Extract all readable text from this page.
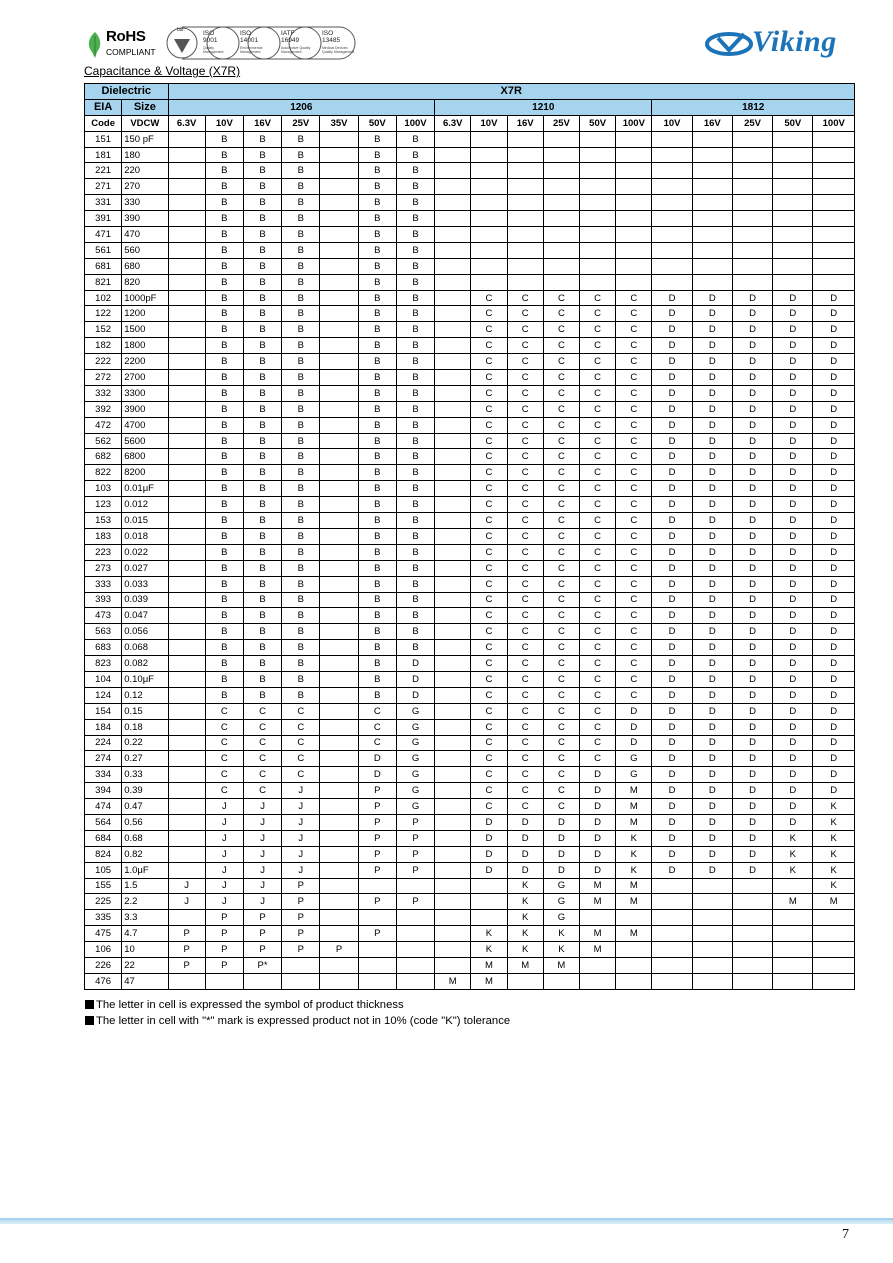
RoHS
COMPLIANT
bsi.	ISO
9001
Quality Management
ISO
14001
Environmental Management
IATF
16949
Automotive Quality Management
ISO
13485
Medical Devices Quality Management	Viking
Capacitance & Voltage (X7R)
Dielectric		X7R																	
EIA	Size	1206							1210						1812				
Code	VDCW	6.3V	10V	16V	25V	35V	50V	100V	6.3V	10V	16V	25V	50V	100V	10V	16V	25V	50V	100V
151	150 pF		B	B	B		B	B											
181	180		B	B	B		B	B											
221	220		B	B	B		B	B											
271	270		B	B	B		B	B											
331	330		B	B	B		B	B											
391	390		B	B	B		B	B											
471	470		B	B	B		B	B											
561	560		B	B	B		B	B											
681	680		B	B	B		B	B											
821	820		B	B	B		B	B											
102	1000pF		B	B	B		B	B		C	C	C	C	C	D	D	D	D	D
122	1200		B	B	B		B	B		C	C	C	C	C	D	D	D	D	D
152	1500		B	B	B		B	B		C	C	C	C	C	D	D	D	D	D
182	1800		B	B	B		B	B		C	C	C	C	C	D	D	D	D	D
222	2200		B	B	B		B	B		C	C	C	C	C	D	D	D	D	D
272	2700		B	B	B		B	B		C	C	C	C	C	D	D	D	D	D
332	3300		B	B	B		B	B		C	C	C	C	C	D	D	D	D	D
392	3900		B	B	B		B	B		C	C	C	C	C	D	D	D	D	D
472	4700		B	B	B		B	B		C	C	C	C	C	D	D	D	D	D
562	5600		B	B	B		B	B		C	C	C	C	C	D	D	D	D	D
682	6800		B	B	B		B	B		C	C	C	C	C	D	D	D	D	D
822	8200		B	B	B		B	B		C	C	C	C	C	D	D	D	D	D
103	0.01μF		B	B	B		B	B		C	C	C	C	C	D	D	D	D	D
123	0.012		B	B	B		B	B		C	C	C	C	C	D	D	D	D	D
153	0.015		B	B	B		B	B		C	C	C	C	C	D	D	D	D	D
183	0.018		B	B	B		B	B		C	C	C	C	C	D	D	D	D	D
223	0.022		B	B	B		B	B		C	C	C	C	C	D	D	D	D	D
273	0.027		B	B	B		B	B		C	C	C	C	C	D	D	D	D	D
333	0.033		B	B	B		B	B		C	C	C	C	C	D	D	D	D	D
393	0.039		B	B	B		B	B		C	C	C	C	C	D	D	D	D	D
473	0.047		B	B	B		B	B		C	C	C	C	C	D	D	D	D	D
563	0.056		B	B	B		B	B		C	C	C	C	C	D	D	D	D	D
683	0.068		B	B	B		B	B		C	C	C	C	C	D	D	D	D	D
823	0.082		B	B	B		B	D		C	C	C	C	C	D	D	D	D	D
104	0.10μF		B	B	B		B	D		C	C	C	C	C	D	D	D	D	D
124	0.12		B	B	B		B	D		C	C	C	C	C	D	D	D	D	D
154	0.15		C	C	C		C	G		C	C	C	C	D	D	D	D	D	D
184	0.18		C	C	C		C	G		C	C	C	C	D	D	D	D	D	D
224	0.22		C	C	C		C	G		C	C	C	C	D	D	D	D	D	D
274	0.27		C	C	C		D	G		C	C	C	C	G	D	D	D	D	D
334	0.33		C	C	C		D	G		C	C	C	D	G	D	D	D	D	D
394	0.39		C	C	J		P	G		C	C	C	D	M	D	D	D	D	D
474	0.47		J	J	J		P	G		C	C	C	D	M	D	D	D	D	K
564	0.56		J	J	J		P	P		D	D	D	D	M	D	D	D	D	K
684	0.68		J	J	J		P	P		D	D	D	D	K	D	D	D	K	K
824	0.82		J	J	J		P	P		D	D	D	D	K	D	D	D	K	K
105	1.0μF		J	J	J		P	P		D	D	D	D	K	D	D	D	K	K
155	1.5	J	J	J	P						K	G	M	M					K
225	2.2	J	J	J	P		P	P			K	G	M	M				M	M
335	3.3		P	P	P						K	G							
475	4.7	P	P	P	P		P			K	K	K	M	M					
106	10	P	P	P	P	P				K	K	K	M						
226	22	P	P	P*						M	M	M							
476	47								M	M									
The letter in cell is expressed the symbol of product thickness
The letter in cell with "*" mark is expressed product not in 10% (code "K") tolerance
7
